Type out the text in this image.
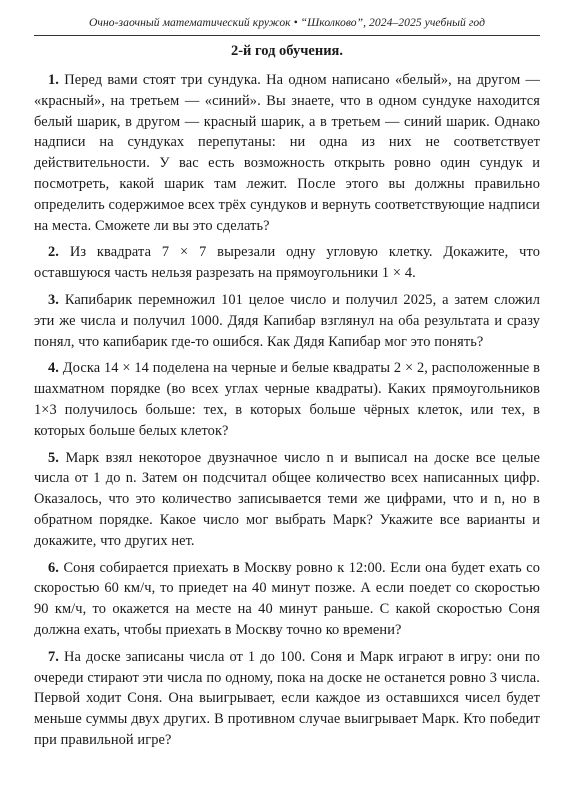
Очно-заочный математический кружок • “Школково”, 2024–2025 учебный год
2-й год обучения.

1. Перед вами стоят три сундука. На одном написано «белый», на другом — «красный», на третьем — «синий». Вы знаете, что в одном сундуке находится белый шарик, в другом — красный шарик, а в третьем — синий шарик. Однако надписи на сундуках перепутаны: ни одна из них не соответствует действительности. У вас есть возможность открыть ровно один сундук и посмотреть, какой шарик там лежит. После этого вы должны правильно определить содержимое всех трёх сундуков и вернуть соответствующие надписи на места. Сможете ли вы это сделать?

2. Из квадрата 7 × 7 вырезали одну угловую клетку. Докажите, что оставшуюся часть нельзя разрезать на прямоугольники 1 × 4.

3. Капибарик перемножил 101 целое число и получил 2025, а затем сложил эти же числа и получил 1000. Дядя Капибар взглянул на оба результата и сразу понял, что капибарик где-то ошибся. Как Дядя Капибар мог это понять?

4. Доска 14 × 14 поделена на черные и белые квадраты 2 × 2, расположенные в шахматном порядке (во всех углах черные квадраты). Каких прямоугольников 1×3 получилось больше: тех, в которых больше чёрных клеток, или тех, в которых больше белых клеток?

5. Марк взял некоторое двузначное число n и выписал на доске все целые числа от 1 до n. Затем он подсчитал общее количество всех написанных цифр. Оказалось, что это количество записывается теми же цифрами, что и n, но в обратном порядке. Какое число мог выбрать Марк? Укажите все варианты и докажите, что других нет.

6. Соня собирается приехать в Москву ровно к 12:00. Если она будет ехать со скоростью 60 км/ч, то приедет на 40 минут позже. А если поедет со скоростью 90 км/ч, то окажется на месте на 40 минут раньше. С какой скоростью Соня должна ехать, чтобы приехать в Москву точно ко времени?

7. На доске записаны числа от 1 до 100. Соня и Марк играют в игру: они по очереди стирают эти числа по одному, пока на доске не останется ровно 3 числа. Первой ходит Соня. Она выигрывает, если каждое из оставшихся чисел будет меньше суммы двух других. В противном случае выигрывает Марк. Кто победит при правильной игре?
